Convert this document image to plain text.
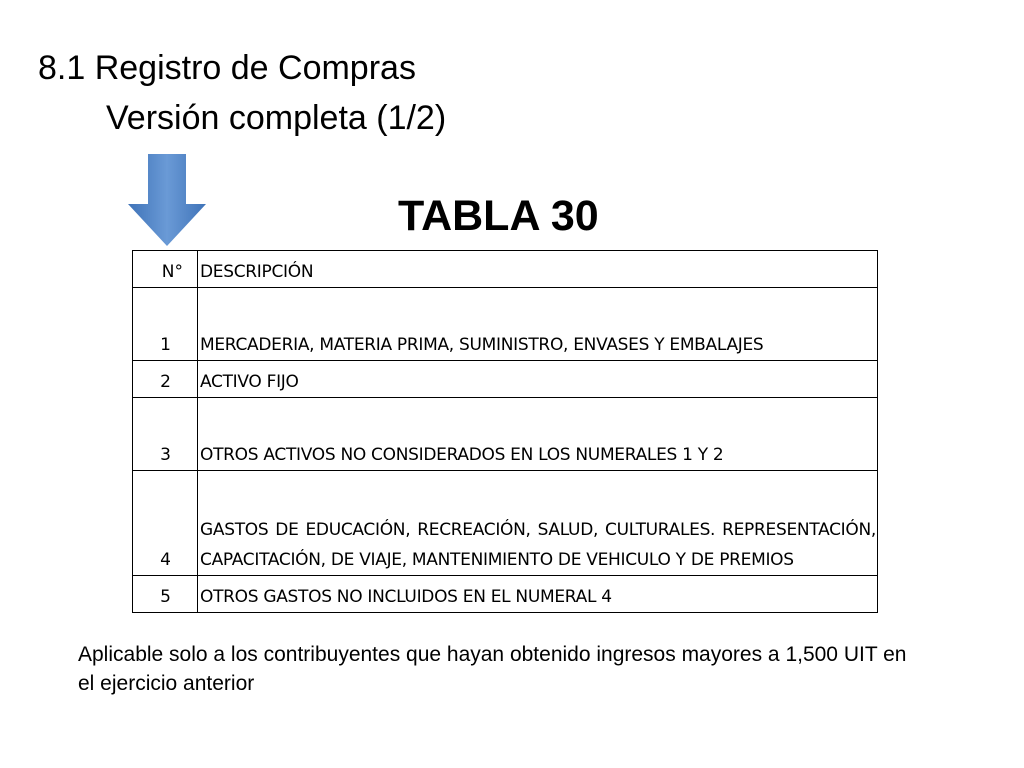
8.1 Registro de Compras
Versión completa (1/2)
TABLA 30
N°	DESCRIPCIÓN
1	MERCADERIA, MATERIA PRIMA, SUMINISTRO, ENVASES Y EMBALAJES
2	ACTIVO FIJO
3	OTROS ACTIVOS NO CONSIDERADOS EN LOS NUMERALES 1 Y 2
4	GASTOS DE EDUCACIÓN, RECREACIÓN, SALUD, CULTURALES. REPRESENTACIÓN, CAPACITACIÓN, DE VIAJE, MANTENIMIENTO DE VEHICULO Y DE PREMIOS
5	OTROS GASTOS NO INCLUIDOS EN EL NUMERAL 4
Aplicable solo a los contribuyentes que hayan obtenido ingresos mayores a 1,500 UIT en el ejercicio anterior
